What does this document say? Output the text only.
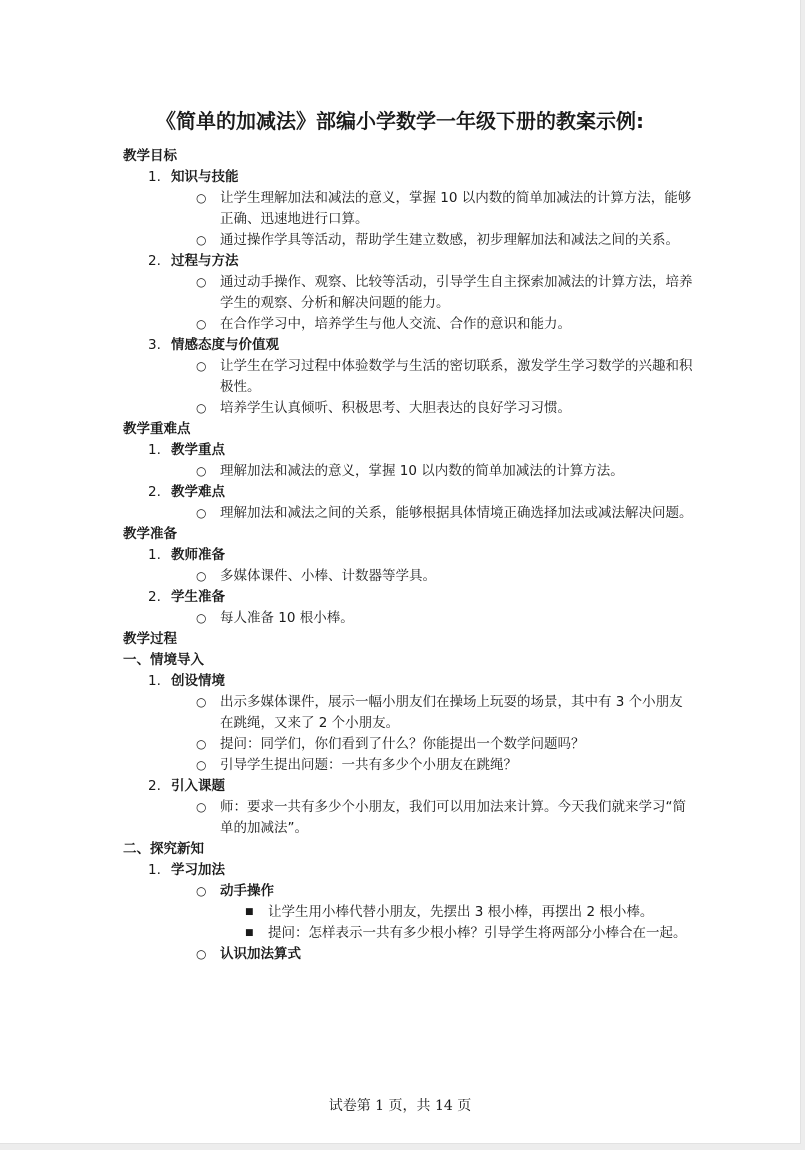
《简单的加减法》部编小学数学一年级下册的教案示例:
教学目标
1. 知识与技能
○ 让学生理解加法和减法的意义，掌握 10 以内数的简单加减法的计算方法，能够正确、迅速地进行口算。
○ 通过操作学具等活动，帮助学生建立数感，初步理解加法和减法之间的关系。
2. 过程与方法
○ 通过动手操作、观察、比较等活动，引导学生自主探索加减法的计算方法，培养学生的观察、分析和解决问题的能力。
○ 在合作学习中，培养学生与他人交流、合作的意识和能力。
3. 情感态度与价值观
○ 让学生在学习过程中体验数学与生活的密切联系，激发学生学习数学的兴趣和积极性。
○ 培养学生认真倾听、积极思考、大胆表达的良好学习习惯。
教学重难点
1. 教学重点
○ 理解加法和减法的意义，掌握 10 以内数的简单加减法的计算方法。
2. 教学难点
○ 理解加法和减法之间的关系，能够根据具体情境正确选择加法或减法解决问题。
教学准备
1. 教师准备
○ 多媒体课件、小棒、计数器等学具。
2. 学生准备
○ 每人准备 10 根小棒。
教学过程
一、情境导入
1. 创设情境
○ 出示多媒体课件，展示一幅小朋友们在操场上玩耍的场景，其中有 3 个小朋友在跳绳，又来了 2 个小朋友。
○ 提问：同学们，你们看到了什么？你能提出一个数学问题吗？
○ 引导学生提出问题：一共有多少个小朋友在跳绳？
2. 引入课题
○ 师：要求一共有多少个小朋友，我们可以用加法来计算。今天我们就来学习“简单的加减法”。
二、探究新知
1. 学习加法
○ 动手操作
■ 让学生用小棒代替小朋友，先摆出 3 根小棒，再摆出 2 根小棒。
■ 提问：怎样表示一共有多少根小棒？引导学生将两部分小棒合在一起。
○ 认识加法算式
试卷第 1 页，共 14 页
